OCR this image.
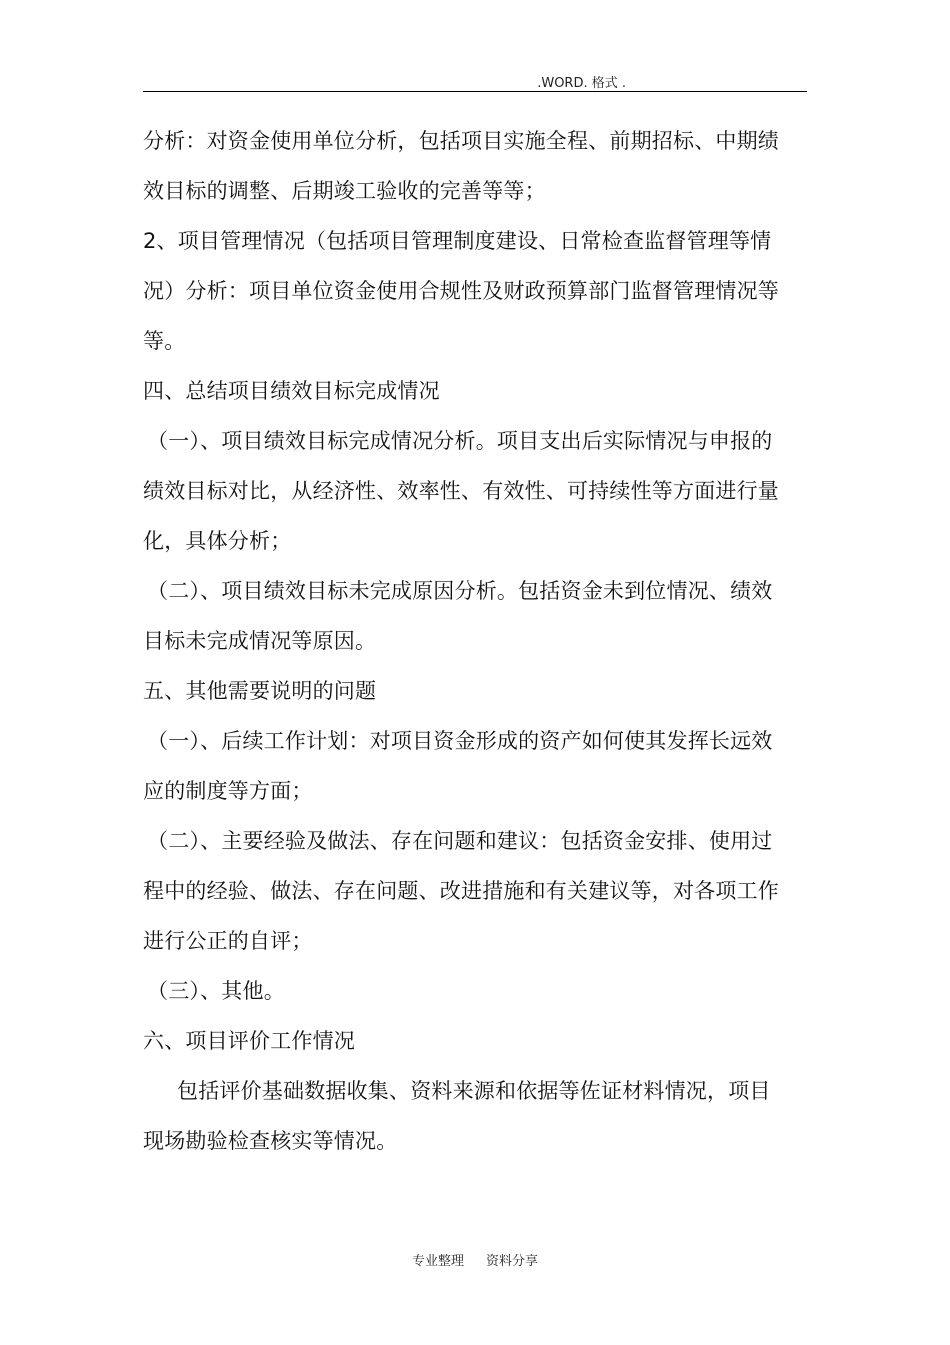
.WORD. 格式 .
分析：对资金使用单位分析，包括项目实施全程、前期招标、中期绩
效目标的调整、后期竣工验收的完善等等；
2、项目管理情况（包括项目管理制度建设、日常检查监督管理等情
况）分析：项目单位资金使用合规性及财政预算部门监督管理情况等
等。
四、总结项目绩效目标完成情况
（一）、项目绩效目标完成情况分析。项目支出后实际情况与申报的
绩效目标对比，从经济性、效率性、有效性、可持续性等方面进行量
化，具体分析；
（二）、项目绩效目标未完成原因分析。包括资金未到位情况、绩效
目标未完成情况等原因。
五、其他需要说明的问题
（一）、后续工作计划：对项目资金形成的资产如何使其发挥长远效
应的制度等方面；
（二）、主要经验及做法、存在问题和建议：包括资金安排、使用过
程中的经验、做法、存在问题、改进措施和有关建议等，对各项工作
进行公正的自评；
（三）、其他。
六、项目评价工作情况
包括评价基础数据收集、资料来源和依据等佐证材料情况，项目
现场勘验检查核实等情况。
专业整理 资料分享
